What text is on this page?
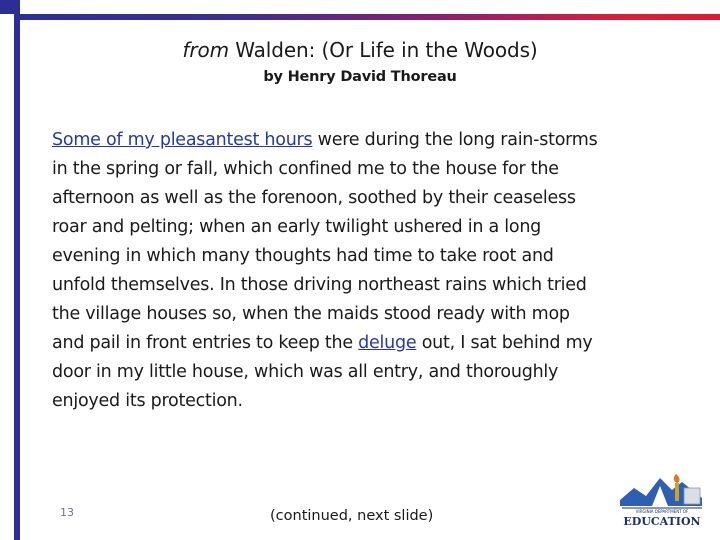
from Walden: (Or Life in the Woods)
by Henry David Thoreau
Some of my pleasantest hours were during the long rain-storms
in the spring or fall, which confined me to the house for the
afternoon as well as the forenoon, soothed by their ceaseless
roar and pelting; when an early twilight ushered in a long
evening in which many thoughts had time to take root and
unfold themselves. In those driving northeast rains which tried
the village houses so, when the maids stood ready with mop
and pail in front entries to keep the deluge out, I sat behind my
door in my little house, which was all entry, and thoroughly
enjoyed its protection.
13	(continued, next slide)	VIRGINIA DEPARTMENT OF
EDUCATION
